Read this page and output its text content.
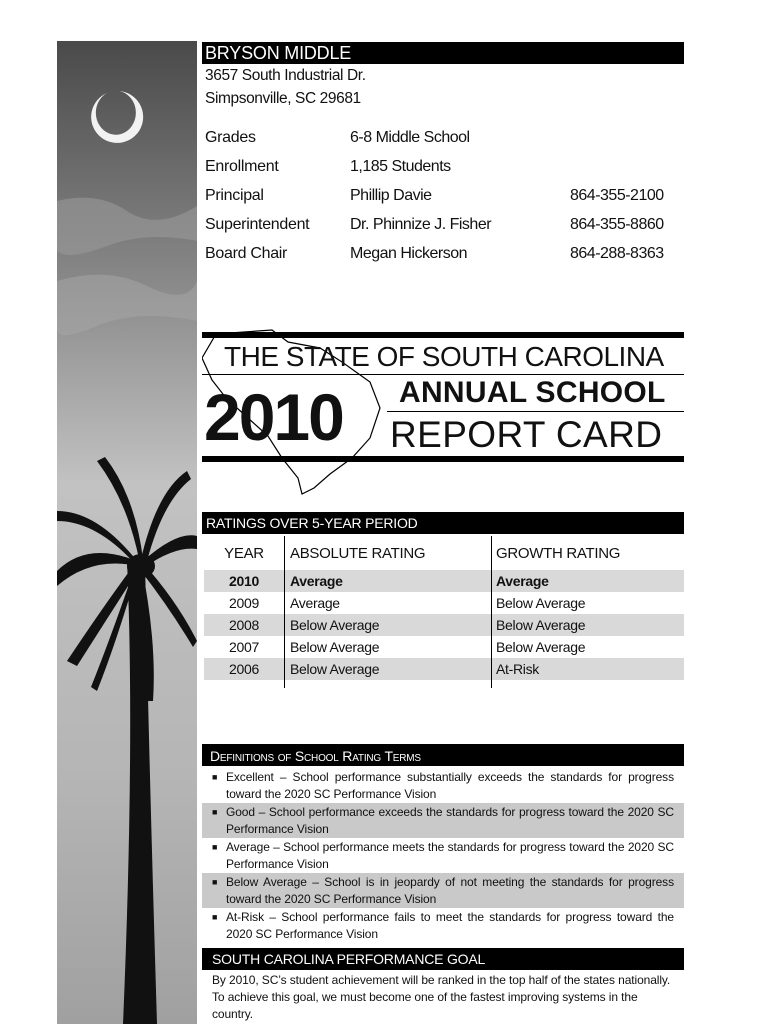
BRYSON MIDDLE
3657 South Industrial Dr.
Simpsonville, SC 29681
Grades	6-8 Middle School
Enrollment	1,185 Students
Principal	Phillip Davie	864-355-2100
Superintendent	Dr. Phinnize J. Fisher	864-355-8860
Board Chair	Megan Hickerson	864-288-8363
THE STATE OF SOUTH CAROLINA
2010 ANNUAL SCHOOL
REPORT CARD
RATINGS OVER 5-YEAR PERIOD
YEAR	ABSOLUTE RATING	GROWTH RATING
2010	Average	Average
2009	Average	Below Average
2008	Below Average	Below Average
2007	Below Average	Below Average
2006	Below Average	At-Risk

Definitions of School Rating Terms
■ Excellent – School performance substantially exceeds the standards for progress toward the 2020 SC Performance Vision
■ Good – School performance exceeds the standards for progress toward the 2020 SC Performance Vision
■ Average – School performance meets the standards for progress toward the 2020 SC Performance Vision
■ Below Average – School is in jeopardy of not meeting the standards for progress toward the 2020 SC Performance Vision
■ At-Risk – School performance fails to meet the standards for progress toward the 2020 SC Performance Vision
SOUTH CAROLINA PERFORMANCE GOAL
By 2010, SC’s student achievement will be ranked in the top half of the states nationally. To achieve this goal, we must become one of the fastest improving systems in the country.
